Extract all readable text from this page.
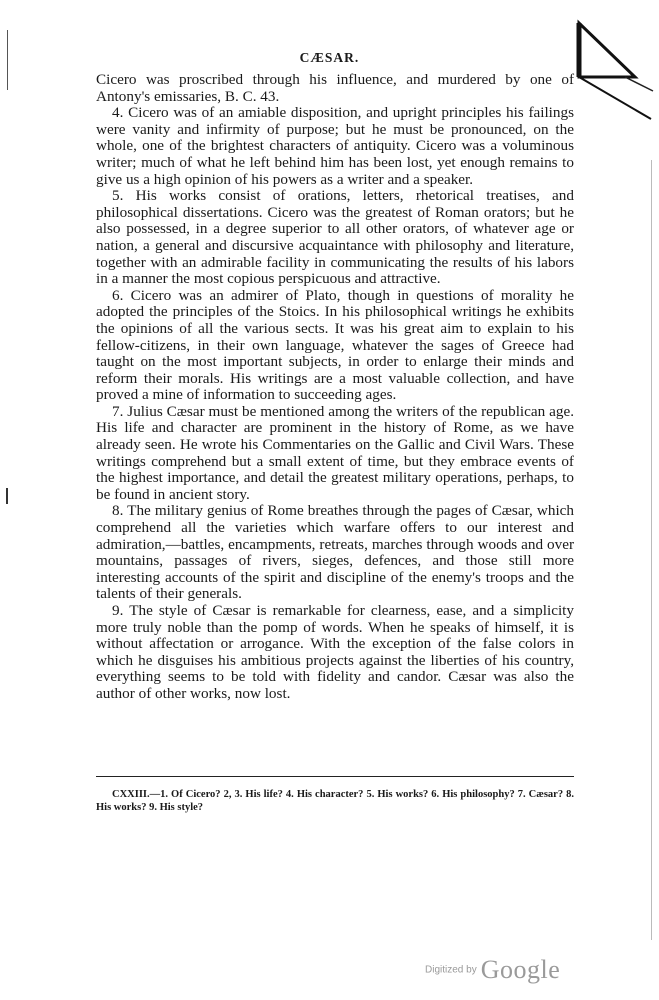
CÆSAR.

Cicero was proscribed through his influence, and murdered by one of Antony's emissaries, B. C. 43.

4. Cicero was of an amiable disposition, and upright principles his failings were vanity and infirmity of purpose; but he must be pronounced, on the whole, one of the brightest characters of antiquity. Cicero was a voluminous writer; much of what he left behind him has been lost, yet enough remains to give us a high opinion of his powers as a writer and a speaker.

5. His works consist of orations, letters, rhetorical treatises, and philosophical dissertations. Cicero was the greatest of Roman orators; but he also possessed, in a degree superior to all other orators, of whatever age or nation, a general and discursive acquaintance with philosophy and literature, together with an admirable facility in communicating the results of his labors in a manner the most copious perspicuous and attractive.

6. Cicero was an admirer of Plato, though in questions of morality he adopted the principles of the Stoics. In his philosophical writings he exhibits the opinions of all the various sects. It was his great aim to explain to his fellow-citizens, in their own language, whatever the sages of Greece had taught on the most important subjects, in order to enlarge their minds and reform their morals. His writings are a most valuable collection, and have proved a mine of information to succeeding ages.

7. Julius Cæsar must be mentioned among the writers of the republican age. His life and character are prominent in the history of Rome, as we have already seen. He wrote his Commentaries on the Gallic and Civil Wars. These writings comprehend but a small extent of time, but they embrace events of the highest importance, and detail the greatest military operations, perhaps, to be found in ancient story.

8. The military genius of Rome breathes through the pages of Cæsar, which comprehend all the varieties which warfare offers to our interest and admiration,—battles, encampments, retreats, marches through woods and over mountains, passages of rivers, sieges, defences, and those still more interesting accounts of the spirit and discipline of the enemy's troops and the talents of their generals.

9. The style of Cæsar is remarkable for clearness, ease, and a simplicity more truly noble than the pomp of words. When he speaks of himself, it is without affectation or arrogance. With the exception of the false colors in which he disguises his ambitious projects against the liberties of his country, everything seems to be told with fidelity and candor. Cæsar was also the author of other works, now lost.

CXXIII.—1. Of Cicero? 2, 3. His life? 4. His character? 5. His works? 6. His philosophy? 7. Cæsar? 8. His works? 9. His style?

Digitized by Google
